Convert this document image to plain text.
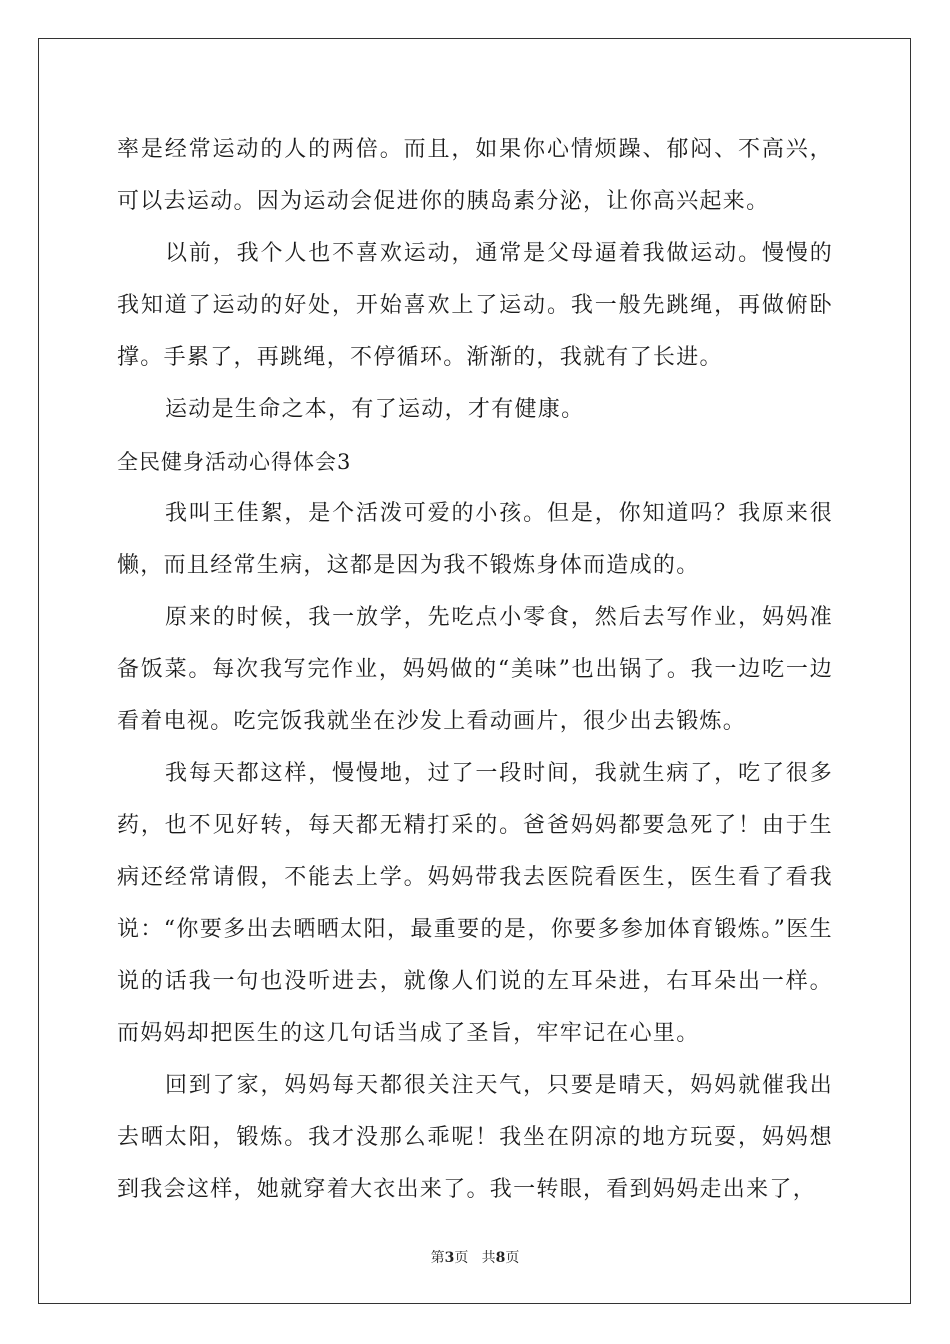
率是经常运动的人的两倍。而且，如果你心情烦躁、郁闷、不高兴，可以去运动。因为运动会促进你的胰岛素分泌，让你高兴起来。

以前，我个人也不喜欢运动，通常是父母逼着我做运动。慢慢的我知道了运动的好处，开始喜欢上了运动。我一般先跳绳，再做俯卧撑。手累了，再跳绳，不停循环。渐渐的，我就有了长进。

运动是生命之本，有了运动，才有健康。

全民健身活动心得体会3

我叫王佳絮，是个活泼可爱的小孩。但是，你知道吗？我原来很懒，而且经常生病，这都是因为我不锻炼身体而造成的。

原来的时候，我一放学，先吃点小零食，然后去写作业，妈妈准备饭菜。每次我写完作业，妈妈做的“美味”也出锅了。我一边吃一边看着电视。吃完饭我就坐在沙发上看动画片，很少出去锻炼。

我每天都这样，慢慢地，过了一段时间，我就生病了，吃了很多药，也不见好转，每天都无精打采的。爸爸妈妈都要急死了！由于生病还经常请假，不能去上学。妈妈带我去医院看医生，医生看了看我说：“你要多出去晒晒太阳，最重要的是，你要多参加体育锻炼。”医生说的话我一句也没听进去，就像人们说的左耳朵进，右耳朵出一样。而妈妈却把医生的这几句话当成了圣旨，牢牢记在心里。

回到了家，妈妈每天都很关注天气，只要是晴天，妈妈就催我出去晒太阳，锻炼。我才没那么乖呢！我坐在阴凉的地方玩耍，妈妈想到我会这样，她就穿着大衣出来了。我一转眼，看到妈妈走出来了，

第3页 共8页
